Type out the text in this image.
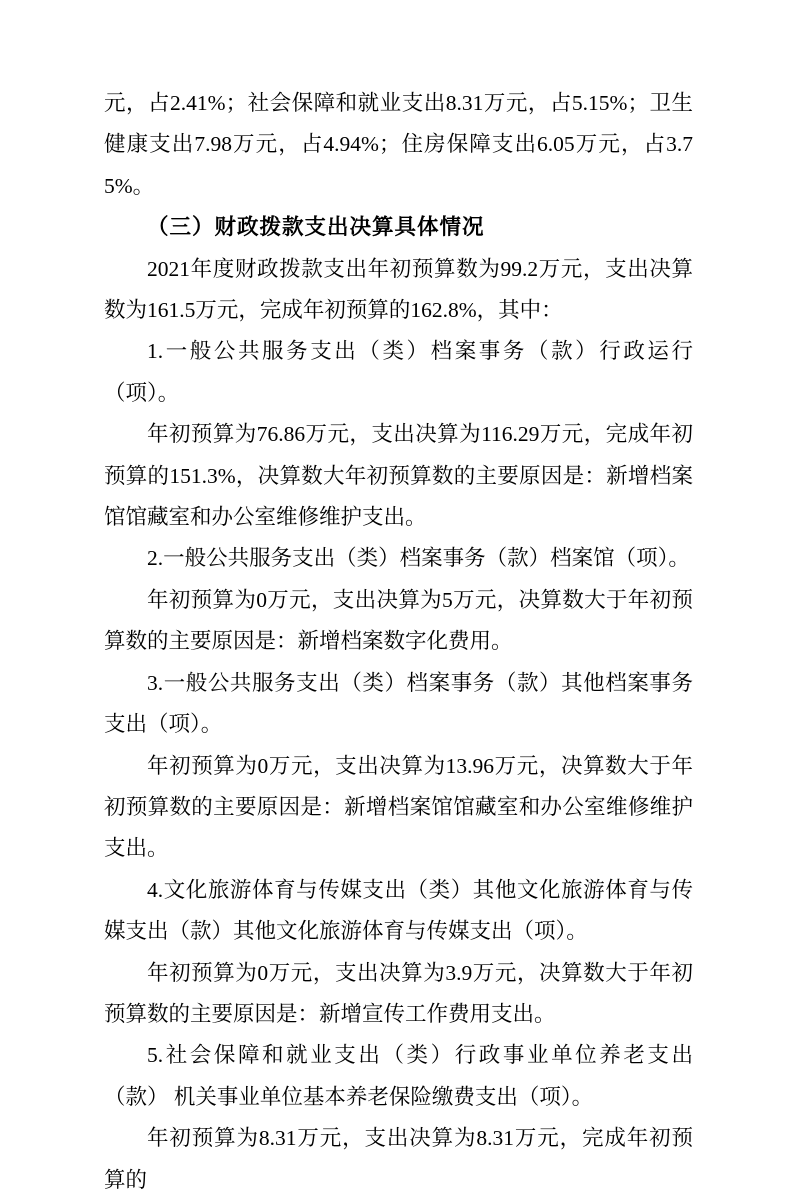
元，占2.41%；社会保障和就业支出8.31万元，占5.15%；卫生健康支出7.98万元，占4.94%；住房保障支出6.05万元，占3.75%。

（三）财政拨款支出决算具体情况

2021年度财政拨款支出年初预算数为99.2万元，支出决算数为161.5万元，完成年初预算的162.8%，其中：

1.一般公共服务支出（类）档案事务（款）行政运行（项）。

年初预算为76.86万元，支出决算为116.29万元，完成年初预算的151.3%，决算数大年初预算数的主要原因是：新增档案馆馆藏室和办公室维修维护支出。

2.一般公共服务支出（类）档案事务（款）档案馆（项）。

年初预算为0万元，支出决算为5万元，决算数大于年初预算数的主要原因是：新增档案数字化费用。

3.一般公共服务支出（类）档案事务（款）其他档案事务支出（项）。

年初预算为0万元，支出决算为13.96万元，决算数大于年初预算数的主要原因是：新增档案馆馆藏室和办公室维修维护支出。

4.文化旅游体育与传媒支出（类）其他文化旅游体育与传媒支出（款）其他文化旅游体育与传媒支出（项）。

年初预算为0万元，支出决算为3.9万元，决算数大于年初预算数的主要原因是：新增宣传工作费用支出。

5.社会保障和就业支出（类）行政事业单位养老支出（款） 机关事业单位基本养老保险缴费支出（项）。

年初预算为8.31万元，支出决算为8.31万元，完成年初预算的
